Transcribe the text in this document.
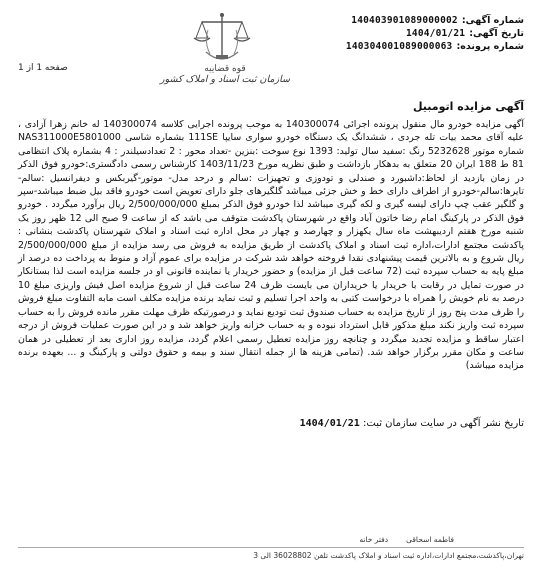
شماره آگهی:
140403901089000002
تاریخ آگهی:
1404/01/21
شماره پرونده:
140304001089000063
قوه قضاییه
سازمان ثبت اسناد و املاک کشور
صفحه 1 از 1
آگهی مزایده اتومبیل
آگهی مزایده خودرو مال منقول پرونده اجرائی 140300074 به موجب پرونده اجرایی کلاسه 140300074 له خانم زهرا آزادی ، علیه آقای محمد بیات تله جردی ، ششدانگ یک دستگاه خودرو سواری سایپا 111SE بشماره شاسی NAS311000E5801000 شماره موتور 5232628 رنگ :سفید سال تولید: 1393 نوع سوخت :بنزین -تعداد محور : 2 تعدادسیلندر : 4 بشماره پلاک انتظامی 81 ط 188 ایران 20 متعلق به بدهکار بازداشت و طبق نظریه مورخ 1403/11/23 کارشناس رسمی دادگستری:خودرو فوق الذکر در زمان بازدید از لحاظ:داشبورد و صندلی و تودوزی و تجهیزات :سالم و درحد مدل- موتور-گیربکس و دیفرانسیل :سالم-تایرها:سالم-خودرو از اطراف دارای خط و خش جزئی میباشد گلگیرهای جلو دارای تعویض است خودرو فاقد بیل ضبط میباشد-سپر و گلگیر عقب چپ دارای لیسه گیری و لکه گیری میباشد لذا خودرو فوق الذکر بمبلغ 2/500/000/000 ریال برآورد میگردد . خودرو فوق الذکر در پارکینگ امام رضا خاتون آباد واقع در شهرستان پاکدشت متوقف می باشد که از ساعت 9 صبح الی 12 ظهر روز یک شنبه مورخ هفتم اردیبهشت ماه سال یکهزار و چهارصد و چهار در محل اداره ثبت اسناد و املاک شهرستان پاکدشت بنشانی : پاکدشت مجتمع ادارات،اداره ثبت اسناد و املاک پاکدشت از طریق مزایده به فروش می رسد مزایده از مبلغ 2/500/000/000 ریال شروع و به بالاترین قیمت پیشنهادی نقدا فروخته خواهد شد شرکت در مزایده برای عموم آزاد و منوط به پرداخت ده درصد از مبلغ پایه به حساب سپرده ثبت (72 ساعت قبل از مزایده) و حضور خریدار یا نماینده قانونی او در جلسه مزایده است لذا بستانکار در صورت تمایل در رقابت با خریدار یا خریداران می بایست ظرف 24 ساعت قبل از شروع مزایده اصل فیش واریزی مبلغ 10 درصد به نام خویش را همراه با درخواست کتبی به واحد اجرا تسلیم و ثبت نماید برنده مزایده مکلف است مابه التفاوت مبلغ فروش را ظرف مدت پنج روز از تاریخ مزایده به حساب صندوق ثبت تودیع نماید و درصورتیکه ظرف مهلت مقرر مانده فروش را به حساب سپرده ثبت واریز نکند مبلغ مذکور قابل استرداد نبوده و به حساب خزانه واریز خواهد شد و در این صورت عملیات فروش از درجه اعتبار ساقط و مزایده تجدید میگردد و چنانچه روز مزایده تعطیل رسمی اعلام گردد، مزایده روز اداری بعد از تعطیلی در همان ساعت و مکان مقرر برگزار خواهد شد. (تمامی هزینه ها از جمله انتقال سند و بیمه و حقوق دولتی و پارکینگ و ... بعهده برنده مزایده میباشد)
تاریخ نشر آگهی در سایت سازمان ثبت: 1404/01/21
فاطمه اسحاقی
دفتر خانه
تهران،پاکدشت،مجتمع ادارات،اداره ثبت اسناد و املاک پاکدشت تلفن 36028802 الی 3
